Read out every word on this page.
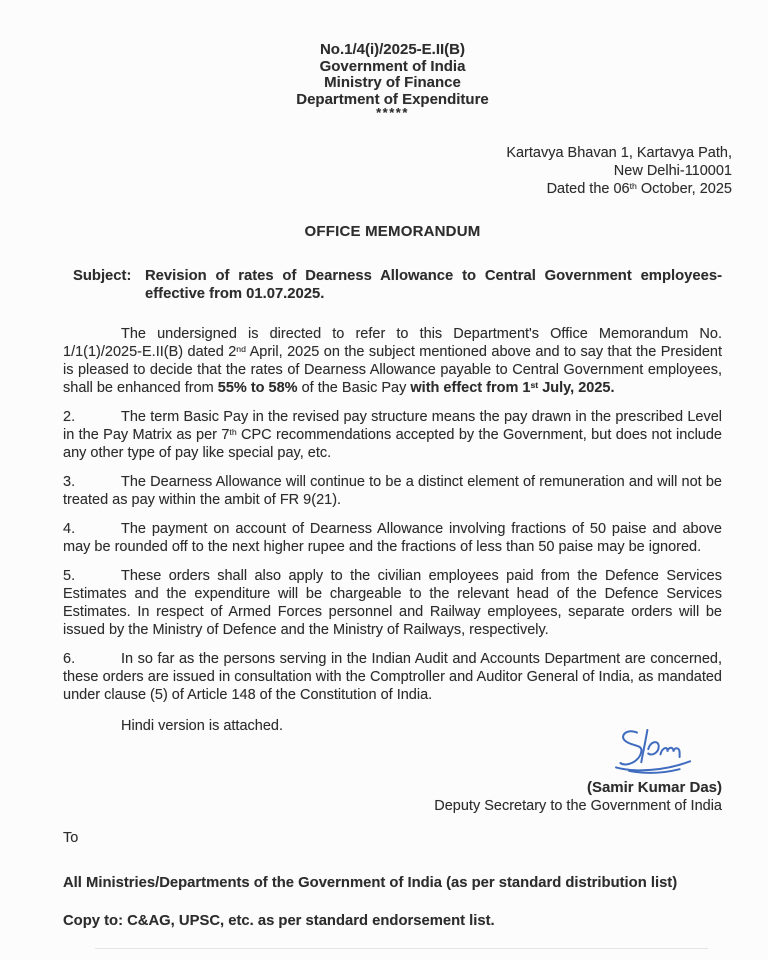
No.1/4(i)/2025-E.II(B)
Government of India
Ministry of Finance
Department of Expenditure
*****
Kartavya Bhavan 1, Kartavya Path,
New Delhi-110001
Dated the 06th October, 2025
OFFICE MEMORANDUM
Subject: Revision of rates of Dearness Allowance to Central Government employees-
effective from 01.07.2025.
The undersigned is directed to refer to this Department's Office Memorandum No. 1/1(1)/2025-E.II(B) dated 2nd April, 2025 on the subject mentioned above and to say that the President is pleased to decide that the rates of Dearness Allowance payable to Central Government employees, shall be enhanced from 55% to 58% of the Basic Pay with effect from 1st July, 2025.
2.	The term Basic Pay in the revised pay structure means the pay drawn in the prescribed Level in the Pay Matrix as per 7th CPC recommendations accepted by the Government, but does not include any other type of pay like special pay, etc.
3.	The Dearness Allowance will continue to be a distinct element of remuneration and will not be treated as pay within the ambit of FR 9(21).
4.	The payment on account of Dearness Allowance involving fractions of 50 paise and above may be rounded off to the next higher rupee and the fractions of less than 50 paise may be ignored.
5.	These orders shall also apply to the civilian employees paid from the Defence Services Estimates and the expenditure will be chargeable to the relevant head of the Defence Services Estimates. In respect of Armed Forces personnel and Railway employees, separate orders will be issued by the Ministry of Defence and the Ministry of Railways, respectively.
6.	In so far as the persons serving in the Indian Audit and Accounts Department are concerned, these orders are issued in consultation with the Comptroller and Auditor General of India, as mandated under clause (5) of Article 148 of the Constitution of India.
Hindi version is attached.
(Samir Kumar Das)
Deputy Secretary to the Government of India
To
All Ministries/Departments of the Government of India (as per standard distribution list)
Copy to: C&AG, UPSC, etc. as per standard endorsement list.
